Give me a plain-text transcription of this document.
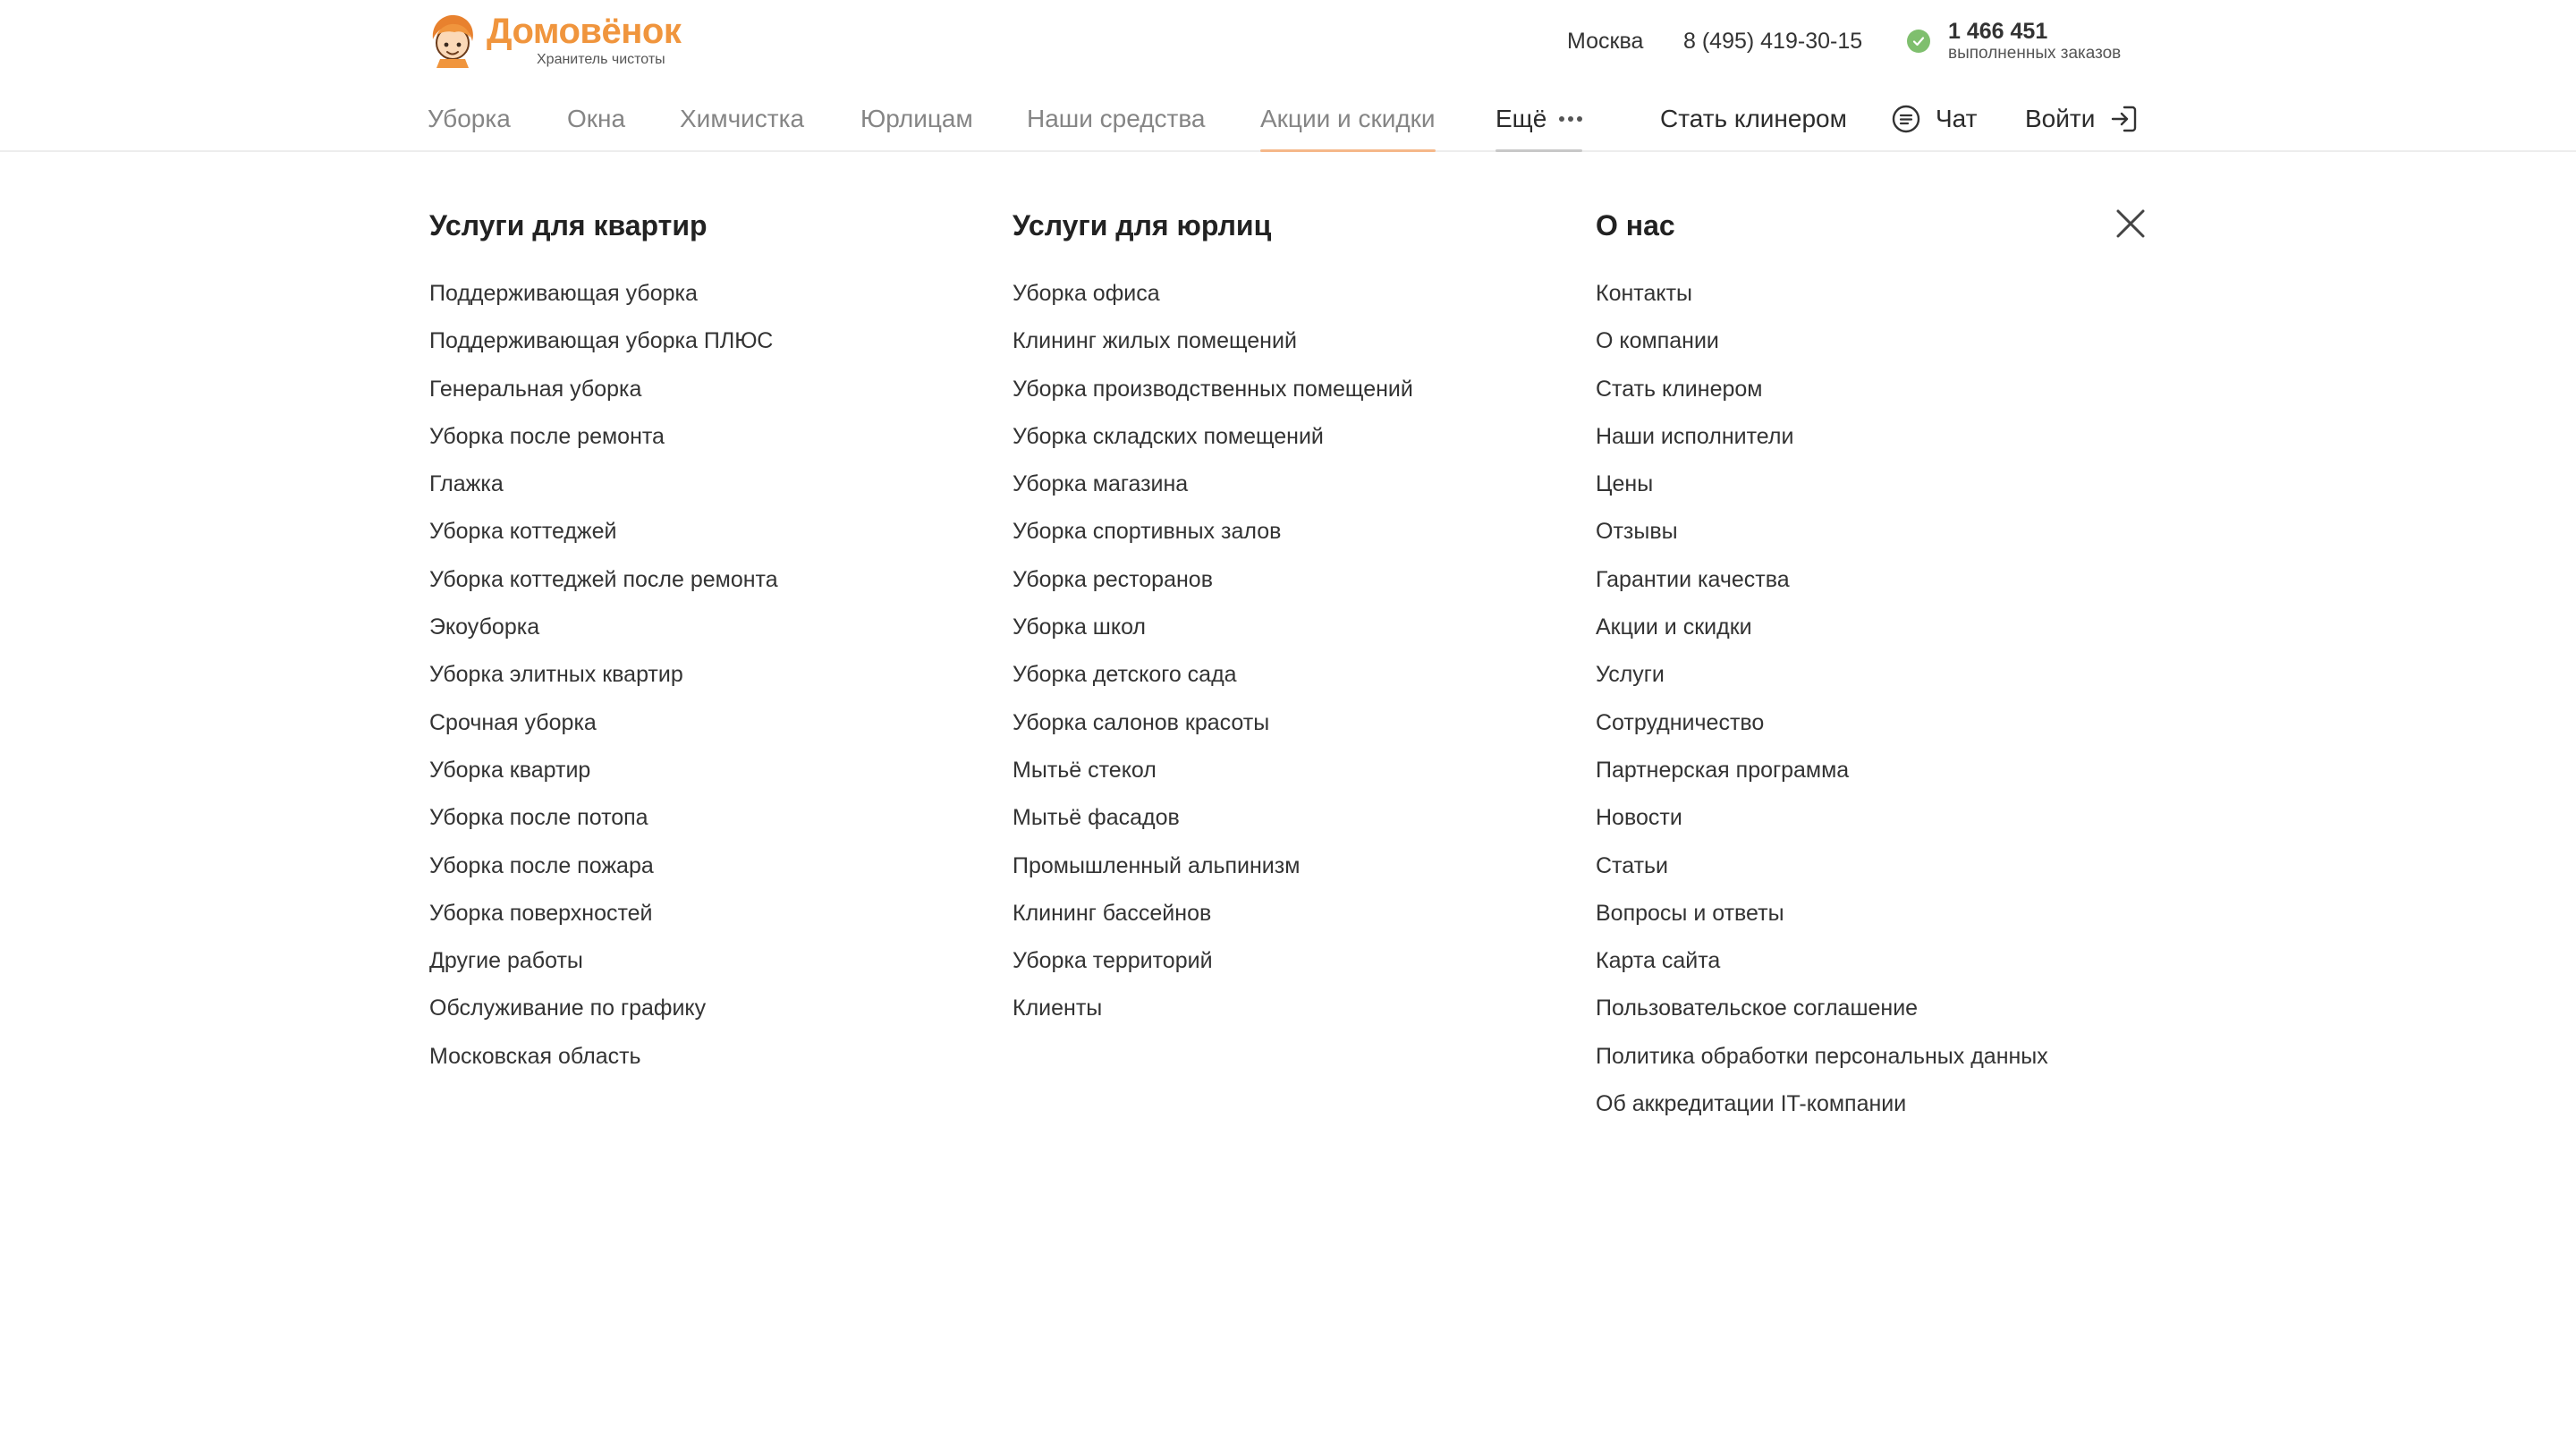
Домовёнок
Хранитель чистоты
Москва 8 (495) 419-30-15	1 466 451
выполненных заказов
Уборка Окна Химчистка Юрлицам Наши средства Акции и скидки Ещё	Стать клинером	Чат Войти
Услуги для квартир
Поддерживающая уборка
Поддерживающая уборка ПЛЮС
Генеральная уборка
Уборка после ремонта
Глажка
Уборка коттеджей
Уборка коттеджей после ремонта
Экоуборка
Уборка элитных квартир
Срочная уборка
Уборка квартир
Уборка после потопа
Уборка после пожара
Уборка поверхностей
Другие работы
Обслуживание по графику
Московская область
Услуги для юрлиц
Уборка офиса
Клининг жилых помещений
Уборка производственных помещений
Уборка складских помещений
Уборка магазина
Уборка спортивных залов
Уборка ресторанов
Уборка школ
Уборка детского сада
Уборка салонов красоты
Мытьё стекол
Мытьё фасадов
Промышленный альпинизм
Клининг бассейнов
Уборка территорий
Клиенты
О нас
Контакты
О компании
Стать клинером
Наши исполнители
Цены
Отзывы
Гарантии качества
Акции и скидки
Услуги
Сотрудничество
Партнерская программа
Новости
Статьи
Вопросы и ответы
Карта сайта
Пользовательское соглашение
Политика обработки персональных данных
Об аккредитации IT-компании
